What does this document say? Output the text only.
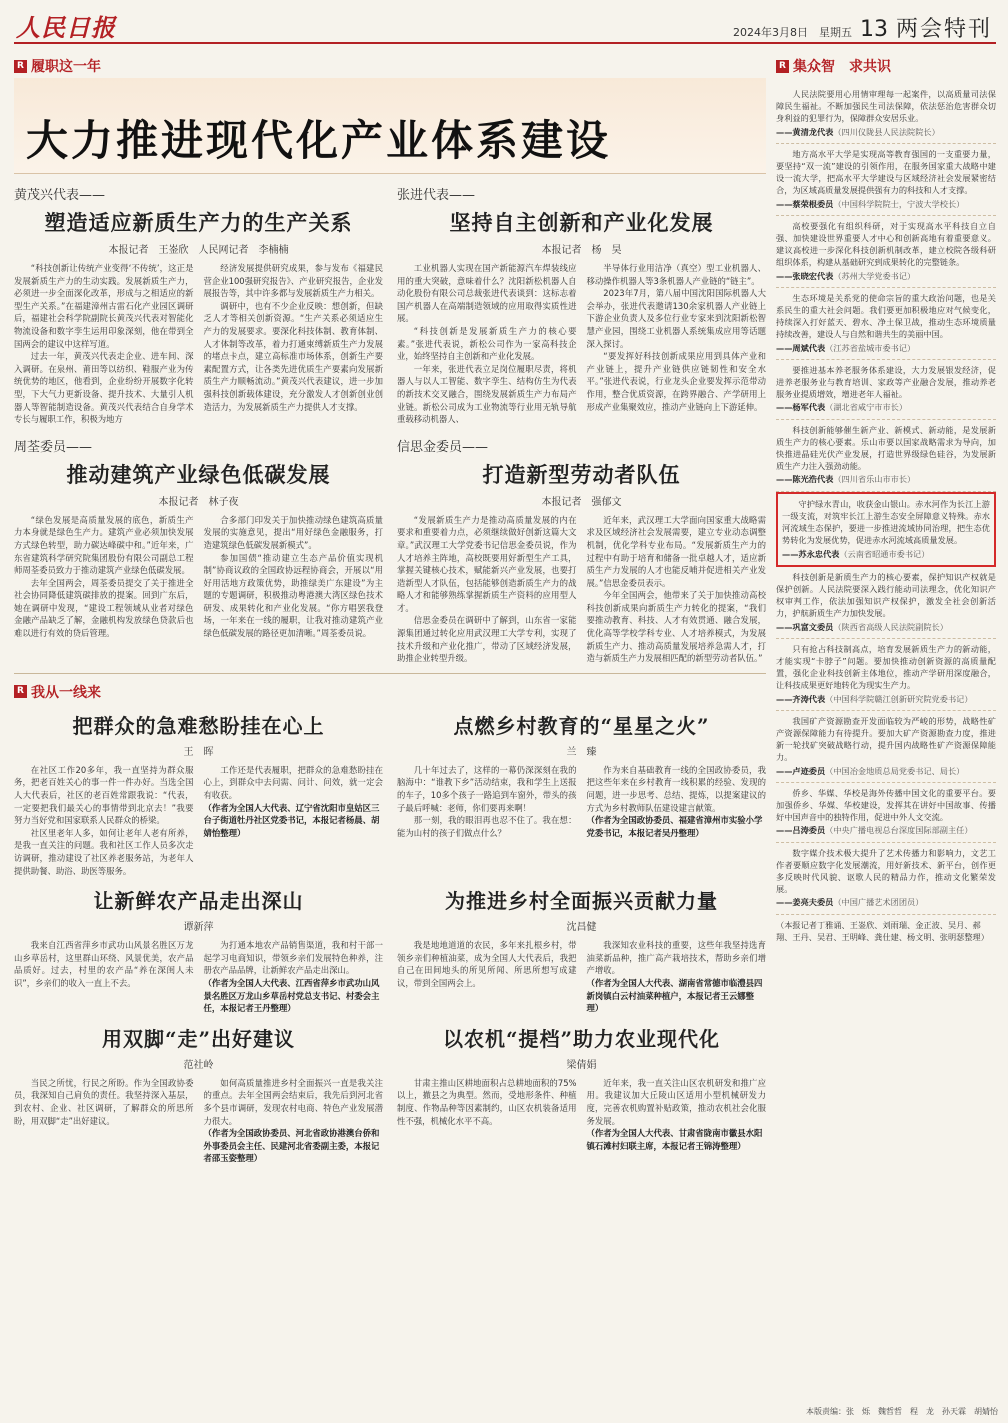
人民日报	2024年3月8日　星期五 13 两会特刊
R 履职这一年
大力推进现代化产业体系建设
黄茂兴代表——
塑造适应新质生产力的生产关系
本报记者　王崟欣　人民网记者　李楠楠

“科技创新让传统产业变得‘不传统’，这正是发展新质生产力的生动实践。发展新质生产力，必须进一步全面深化改革，形成与之相适应的新型生产关系。”在福建漳州古雷石化产业园区调研后，福建社会科学院副院长黄茂兴代表对智能化物流设备和数字孪生运用印象深刻，他在带到全国两会的建议中这样写道。

过去一年，黄茂兴代表走企业、进车间、深入调研。在泉州、莆田等以纺织、鞋服产业为传统优势的地区，他看到，企业纷纷开展数字化转型，下大气力更新设备、提升技术、大量引人机器人等智能制造设备。黄茂兴代表结合自身学术专长与履职工作，积极为地方

经济发展提供研究成果，参与发布《福建民营企业100强研究报告》、产业研究报告，企业发展报告等，其中许多都与发展新质生产力相关。

调研中，也有不少企业反映：想创新，但缺乏人才等相关创新资源。“生产关系必须适应生产力的发展要求。要深化科技体制、教育体制、人才体制等改革，着力打通束缚新质生产力发展的堵点卡点，建立高标准市场体系，创新生产要素配置方式，让各类先进优质生产要素向发展新质生产力顺畅流动。”黄茂兴代表建议，进一步加强科技创新载体建设，充分激发人才创新创业创造活力，为发展新质生产力提供人才支撑。

张进代表——
坚持自主创新和产业化发展
本报记者　杨　昊

工业机器人实现在国产新能源汽车焊装线应用的重大突破，意味着什么？沈阳新松机器人自动化股份有限公司总裁张进代表谈到：这标志着国产机器人在高端制造领域的应用取得实质性进展。

“科技创新是发展新质生产力的核心要素。”张进代表说，新松公司作为一家高科技企业，始终坚持自主创新和产业化发展。

一年来，张进代表立足岗位履职尽责，将机器人与以人工智能、数字孪生、结构仿生为代表的新技术交叉融合，围绕发展新质生产力布局产业链。新松公司成为工业物流等行业用无轨导航重载移动机器人、

半导体行业用洁净（真空）型工业机器人、移动操作机器人等3条机器人产业链的“链主”。

2023年7月，第八届中国沈阳国际机器人大会举办，张进代表邀请130余家机器人产业链上下游企业负责人及多位行业专家来到沈阳新松智慧产业园，围绕工业机器人系统集成应用等话题深入探讨。

“要发挥好科技创新成果应用到具体产业和产业链上，提升产业链供应链韧性和安全水平。”张进代表说，行业龙头企业要发挥示范带动作用，整合优质资源，在跨界融合、产学研用上形成产业集聚效应，推动产业链向上下游延伸。

周荃委员——
推动建筑产业绿色低碳发展
本报记者　林子夜

“绿色发展是高质量发展的底色，新质生产力本身就是绿色生产力。建筑产业必须加快发展方式绿色转型，助力碳达峰碳中和。”近年来，广东省建筑科学研究院集团股份有限公司副总工程师周荃委员致力于推动建筑产业绿色低碳发展。

去年全国两会，周荃委员提交了关于推进全社会协同降低建筑碳排放的提案。回到广东后，她在调研中发现，“建设工程领域从业者对绿色金融产品缺乏了解，金融机构发放绿色贷款后也难以进行有效的贷后管理。

合多部门印发关于加快推动绿色建筑高质量发展的实施意见，提出“用好绿色金融服务，打造建筑绿色低碳发展新模式”。

参加国债“推动建立生态产品价值实现机制”协商议政的全国政协远程协商会，开展以“用好用活地方政策优势，助推绿美广东建设”为主题的专题调研，积极推动粤港澳大湾区绿色技术研发、成果转化和产业化发展。“你方唱罢我登场，一年来在一线的履职，让我对推动建筑产业绿色低碳发展的路径更加清晰。”周荃委员说。

信思金委员——
打造新型劳动者队伍
本报记者　强郁文

“发展新质生产力是推动高质量发展的内在要求和重要着力点，必须继续做好创新这篇大文章。”武汉理工大学党委书记信思金委员说，作为人才培养主阵地，高校既要用好新型生产工具，掌握关键核心技术，赋能新兴产业发展，也要打造新型人才队伍，包括能够创造新质生产力的战略人才和能够熟练掌握新质生产资料的应用型人才。

信思金委员在调研中了解到，山东省一家能源集团通过转化应用武汉理工大学专利，实现了技术升级和产业化推广，带动了区域经济发展，助推企业转型升级。

近年来，武汉理工大学面向国家重大战略需求及区域经济社会发展需要，建立专业动态调整机制，优化学科专业布局。“发展新质生产力的过程中有助于培育和储备一批卓越人才，适应新质生产力发展的人才也能反哺并促进相关产业发展。”信思金委员表示。

今年全国两会，他带来了关于加快推动高校科技创新成果向新质生产力转化的提案，“我们要推动教育、科技、人才有效贯通、融合发展，优化高等学校学科专业、人才培养模式，为发展新质生产力、推动高质量发展培养急需人才，打造与新质生产力发展相匹配的新型劳动者队伍。”

R 我从一线来
把群众的急难愁盼挂在心上
王　晖

在社区工作20多年，我一直坚持为群众服务，把老百姓关心的事一件一件办好。当选全国人大代表后，社区的老百姓常跟我说：“代表，一定要把我们最关心的事情带到北京去！”我要努力当好党和国家联系人民群众的桥梁。

社区里老年人多，如何让老年人老有所养，是我一直关注的问题。我和社区工作人员多次走访调研，推动建设了社区养老服务站，为老年人提供助餐、助浴、助医等服务。

工作还是代表履职，把群众的急难愁盼挂在心上，到群众中去问需、问计、问效，就一定会有收获。

（作者为全国人大代表、辽宁省沈阳市皇姑区三台子街道牡丹社区党委书记，本报记者杨晨、胡婧怡整理）

点燃乡村教育的“星星之火”
兰　臻

几十年过去了，这样的一幕仍深深刻在我的脑海中：“谁教下乡”活动结束，我和学生上送报的车子，10多个孩子一路追到车窗外，带头的孩子最后呼喊：老师，你们要再来啊！

那一刻，我的眼泪再也忍不住了。我在想：能为山村的孩子们做点什么？

作为来自基础教育一线的全国政协委员，我把这些年来在乡村教育一线积累的经验、发现的问题，进一步思考、总结、提炼，以提案建议的方式为乡村教师队伍建设建言献策。

（作者为全国政协委员、福建省漳州市实验小学党委书记，本报记者吴丹整理）

让新鲜农产品走出深山
谭新萍

我来自江西省萍乡市武功山风景名胜区万龙山乡草岳村，这里群山环绕、风景优美，农产品品质好。过去，村里的农产品“养在深闺人未识”，乡亲们的收入一直上不去。

为打通本地农产品销售渠道，我和村干部一起学习电商知识，带领乡亲们发展特色种养，注册农产品品牌，让新鲜农产品走出深山。

（作者为全国人大代表、江西省萍乡市武功山风景名胜区万龙山乡草岳村党总支书记、村委会主任，本报记者王丹整理）

为推进乡村全面振兴贡献力量
沈昌健

我是地地道道的农民，多年来扎根乡村，带领乡亲们种植油菜，成为全国人大代表后，我把自己在田间地头的所见所闻、所思所想写成建议，带到全国两会上。

我深知农业科技的重要，这些年我坚持选育油菜新品种，推广高产栽培技术，帮助乡亲们增产增收。

（作者为全国人大代表、湖南省常德市临澧县四新岗镇白云村油菜种植户，本报记者王云娜整理）

用双脚“走”出好建议
范社岭

当民之所忧，行民之所盼。作为全国政协委员，我深知自己肩负的责任。我坚持深入基层，到农村、企业、社区调研，了解群众的所思所盼，用双脚“走”出好建议。

如何高质量推进乡村全面振兴一直是我关注的重点。去年全国两会结束后，我先后到河北省多个县市调研，发现农村电商、特色产业发展潜力很大。

（作者为全国政协委员、河北省政协港澳台侨和外事委员会主任、民建河北省委副主委，本报记者邵玉姿整理）

以农机“提档”助力农业现代化
梁倩娟

甘肃主推山区耕地面积占总耕地面积的75%以上，撤县之为典型。然而，受地形条件、种植制度、作物品种等因素制约，山区农机装备适用性不强，机械化水平不高。

近年来，我一直关注山区农机研发和推广应用。我建议加大丘陵山区适用小型机械研发力度，完善农机购置补贴政策，推动农机社会化服务发展。

（作者为全国人大代表、甘肃省陇南市徽县水阳镇石滩村妇联主席，本报记者王锦涛整理）

R 集众智　求共识

人民法院要用心用情审理每一起案件，以高质量司法保障民生福祉。不断加强民生司法保障，依法惩治危害群众切身利益的犯罪行为，保障群众安居乐业。

——黄清龙代表（四川仪陇县人民法院院长）

地方高水平大学是实现高等教育强国的一支重要力量，要坚持“双一流”建设的引领作用，在服务国家重大战略中建设一流大学，把高水平大学建设与区域经济社会发展紧密结合，为区域高质量发展提供强有力的科技和人才支撑。

——蔡荣根委员（中国科学院院士，宁波大学校长）

高校要强化有组织科研，对于实现高水平科技自立自强、加快建设世界重要人才中心和创新高地有着重要意义。建议高校进一步深化科技创新机制改革，建立校院各级科研组织体系，构建从基础研究到成果转化的完整链条。

——张晓宏代表（苏州大学党委书记）

生态环境是关系党的使命宗旨的重大政治问题，也是关系民生的重大社会问题。我们要更加积极地应对气候变化，持续深入打好蓝天、碧水、净土保卫战，推动生态环境质量持续改善，建设人与自然和谐共生的美丽中国。

——周斌代表（江苏省盐城市委书记）

要推进基本养老服务体系建设，大力发展银发经济，促进养老服务业与教育培训、家政等产业融合发展，推动养老服务业提质增效，增进老年人福祉。

——杨军代表（湖北省咸宁市市长）

科技创新能够催生新产业、新模式、新动能，是发展新质生产力的核心要素。乐山市要以国家战略需求为导向，加快推进晶硅光伏产业发展，打造世界级绿色硅谷，为发展新质生产力注入强劲动能。

——陈光浩代表（四川省乐山市市长）

守护绿水青山，收获金山银山。赤水河作为长江上游一级支流，对筑牢长江上游生态安全屏障意义特殊。赤水河流域生态保护，要进一步推进流域协同治理，把生态优势转化为发展优势，促进赤水河流域高质量发展。

——苏永忠代表（云南省昭通市委书记）

科技创新是新质生产力的核心要素，保护知识产权就是保护创新。人民法院要深入践行能动司法理念，优化知识产权审判工作，依法加强知识产权保护，激发全社会创新活力，护航新质生产力加快发展。

——巩富文委员（陕西省高级人民法院副院长）

只有抢占科技制高点，培育发展新质生产力的新动能，才能实现“卡脖子”问题。要加快推动创新资源的高质量配置，强化企业科技创新主体地位，推动产学研用深度融合，让科技成果更好地转化为现实生产力。

——齐涛代表（中国科学院赣江创新研究院党委书记）

我国矿产资源勘查开发面临较为严峻的形势，战略性矿产资源保障能力有待提升。要加大矿产资源勘查力度，推进新一轮找矿突破战略行动，提升国内战略性矿产资源保障能力。

——卢迹委员（中国冶金地质总局党委书记、局长）

侨乡、华媒、华校是海外传播中国文化的重要平台。要加强侨乡、华媒、华校建设，发挥其在讲好中国故事、传播好中国声音中的独特作用，促进中外人文交流。

——吕涛委员（中央广播电视总台深度国际部副主任）

数字媒介技术极大提升了艺术传播力和影响力，文艺工作者要顺应数字化发展潮流，用好新技术、新平台，创作更多反映时代风貌、讴歌人民的精品力作，推动文化繁荣发展。

——姜亮夫委员（中国广播艺术团团员）

（本报记者丁雅诵、王崟欣、刘雨瑞、金正波、吴月、郝翔、王丹、吴君、王明峰、龚仕建、杨文明、张明瑟整理）
本版责编：张　烁　魏哲哲　程　龙　孙天霖　胡婧怡
